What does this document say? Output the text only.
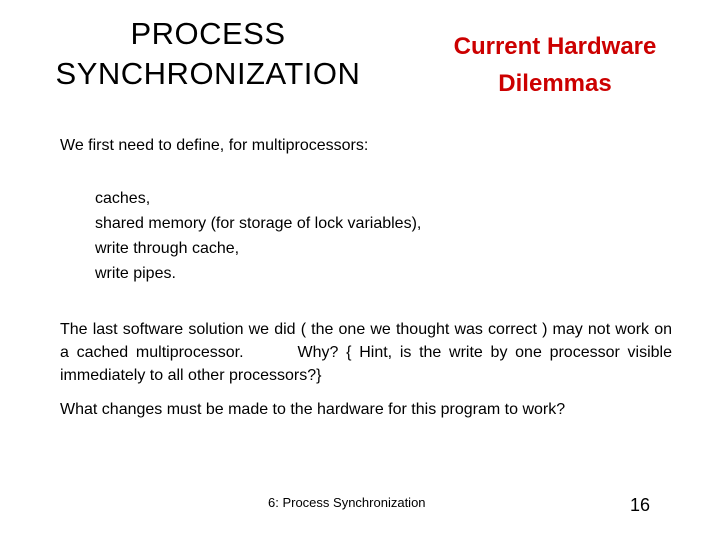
PROCESS
SYNCHRONIZATION
Current Hardware
Dilemmas
We first need to define, for multiprocessors:
caches,
shared memory (for storage of lock variables),
write through cache,
write pipes.
The last software solution we did ( the one we thought was correct ) may not work on a cached multiprocessor.       Why? { Hint, is the write by one processor visible immediately to all other processors?}
What changes must be made to the hardware for this program to work?
6: Process Synchronization	16
